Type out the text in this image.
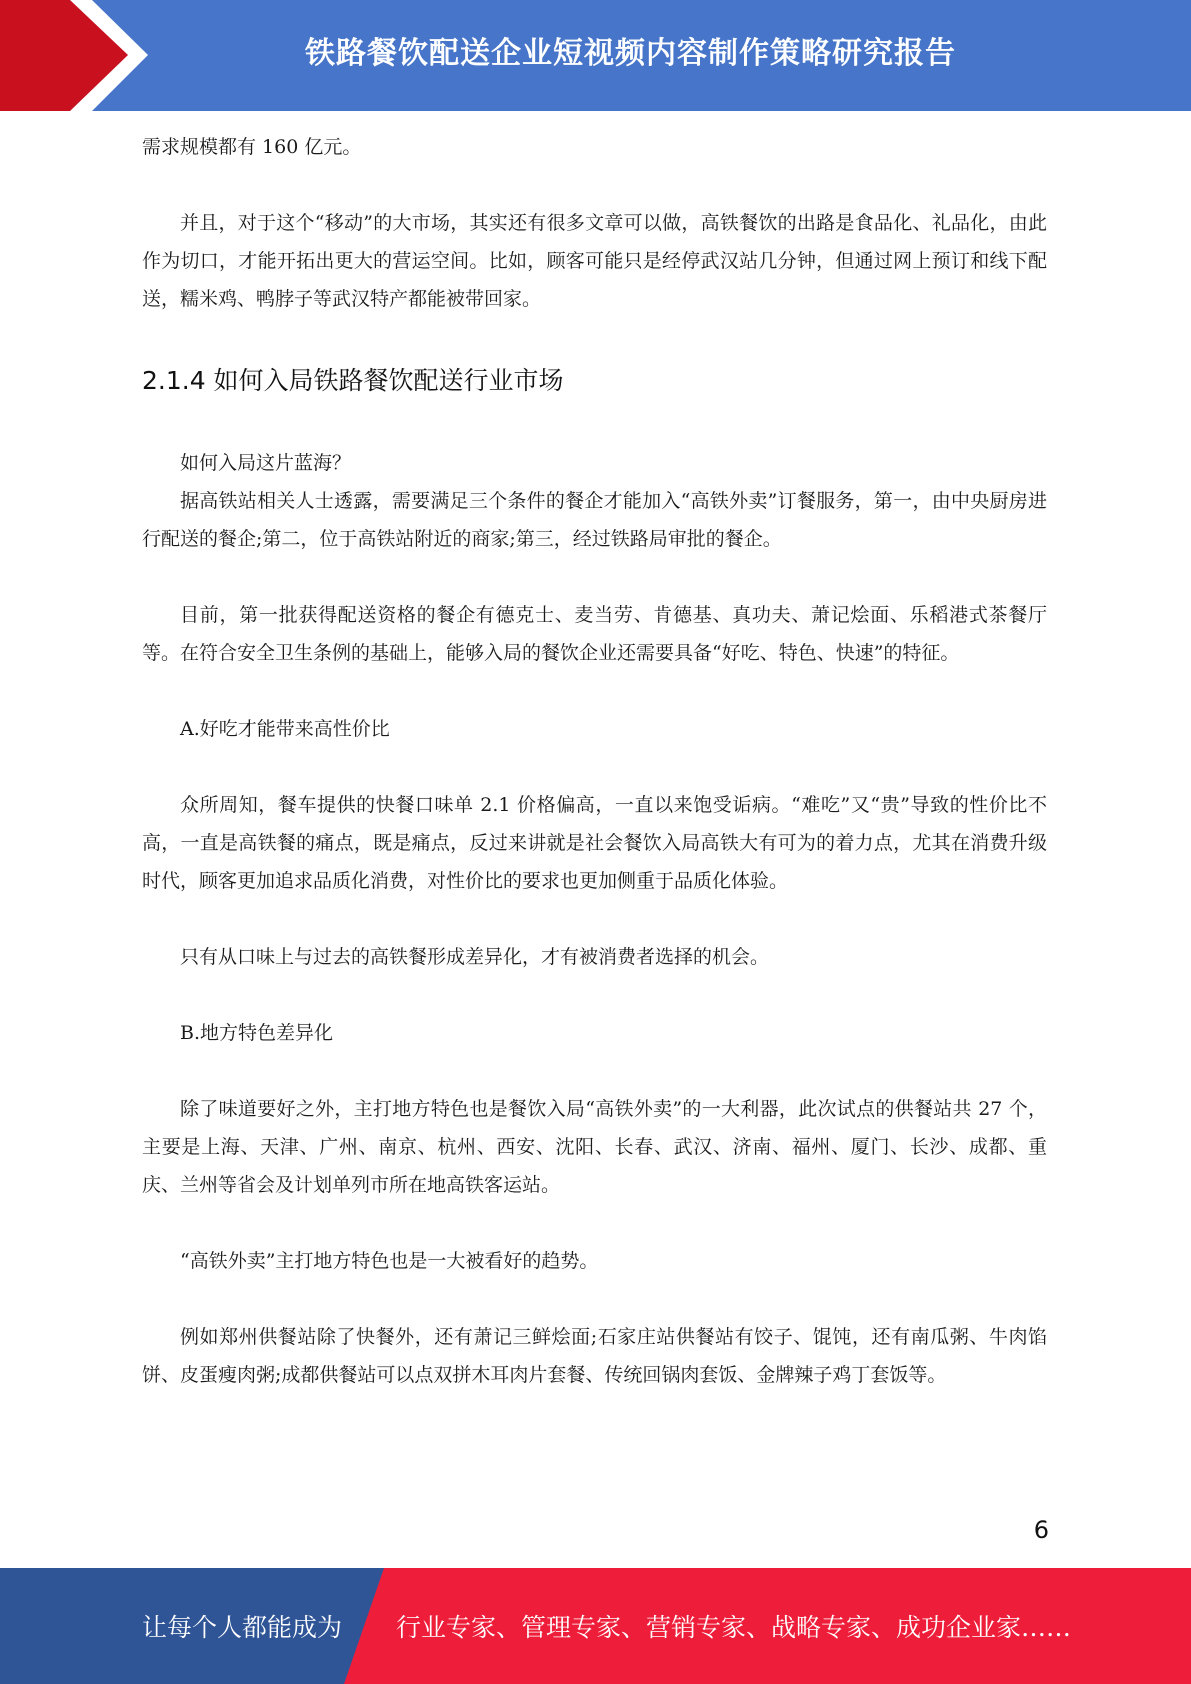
铁路餐饮配送企业短视频内容制作策略研究报告

需求规模都有 160 亿元。

并且，对于这个“移动”的大市场，其实还有很多文章可以做，高铁餐饮的出路是食品化、礼品化，由此作为切口，才能开拓出更大的营运空间。比如，顾客可能只是经停武汉站几分钟，但通过网上预订和线下配送，糯米鸡、鸭脖子等武汉特产都能被带回家。

2.1.4 如何入局铁路餐饮配送行业市场

如何入局这片蓝海？

据高铁站相关人士透露，需要满足三个条件的餐企才能加入“高铁外卖”订餐服务，第一，由中央厨房进行配送的餐企;第二，位于高铁站附近的商家;第三，经过铁路局审批的餐企。

目前，第一批获得配送资格的餐企有德克士、麦当劳、肯德基、真功夫、萧记烩面、乐稻港式茶餐厅等。在符合安全卫生条例的基础上，能够入局的餐饮企业还需要具备“好吃、特色、快速”的特征。

A.好吃才能带来高性价比

众所周知，餐车提供的快餐口味单 2.1 价格偏高，一直以来饱受诟病。“难吃”又“贵”导致的性价比不高，一直是高铁餐的痛点，既是痛点，反过来讲就是社会餐饮入局高铁大有可为的着力点，尤其在消费升级时代，顾客更加追求品质化消费，对性价比的要求也更加侧重于品质化体验。

只有从口味上与过去的高铁餐形成差异化，才有被消费者选择的机会。

B.地方特色差异化

除了味道要好之外，主打地方特色也是餐饮入局“高铁外卖”的一大利器，此次试点的供餐站共 27 个，主要是上海、天津、广州、南京、杭州、西安、沈阳、长春、武汉、济南、福州、厦门、长沙、成都、重庆、兰州等省会及计划单列市所在地高铁客运站。

“高铁外卖”主打地方特色也是一大被看好的趋势。

例如郑州供餐站除了快餐外，还有萧记三鲜烩面;石家庄站供餐站有饺子、馄饨，还有南瓜粥、牛肉馅饼、皮蛋瘦肉粥;成都供餐站可以点双拼木耳肉片套餐、传统回锅肉套饭、金牌辣子鸡丁套饭等。

6
让每个人都能成为 行业专家、管理专家、营销专家、战略专家、成功企业家……
